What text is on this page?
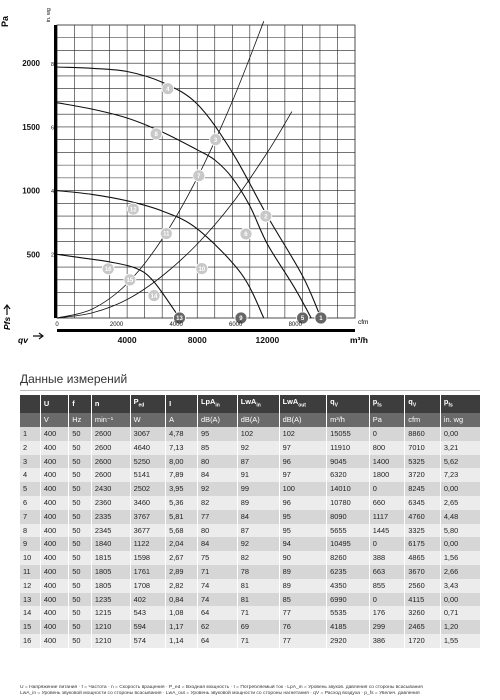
1
2
3
4
5
6
7
8
9
10
11
12
13
14
15
16
500
1000
1500
2000
2
4
6
8
0	2000	4000	6000	8000
4000	8000	12000
Pa	in. wg
cfm
m³/h
qv
Pfs
Данные измерений
	U	f	n	$P_{ed}$	I	LpA$_{in}$	LwA$_{in}$	LwA$_{out}$	$q_V$	$p_{fs}$	$q_V$	$p_{fs}$
	V	Hz	min⁻¹	W	A	dB(A)	dB(A)	dB(A)	m³/h	Pa	cfm	in. wg
1	400	50	2600	3067	4,78	95	102	102	15055	0	8860	0,00
2	400	50	2600	4640	7,13	85	92	97	11910	800	7010	3,21
3	400	50	2600	5250	8,00	80	87	96	9045	1400	5325	5,62
4	400	50	2600	5141	7,89	84	91	97	6320	1800	3720	7,23
5	400	50	2430	2502	3,95	92	99	100	14010	0	8245	0,00
6	400	50	2360	3460	5,36	82	89	96	10780	660	6345	2,65
7	400	50	2335	3767	5,81	77	84	95	8090	1117	4760	4,48
8	400	50	2345	3677	5,68	80	87	95	5655	1445	3325	5,80
9	400	50	1840	1122	2,04	84	92	94	10495	0	6175	0,00
10	400	50	1815	1598	2,67	75	82	90	8260	388	4865	1,56
11	400	50	1805	1761	2,89	71	78	89	6235	663	3670	2,66
12	400	50	1805	1708	2,82	74	81	89	4350	855	2560	3,43
13	400	50	1235	402	0,84	74	81	85	6990	0	4115	0,00
14	400	50	1215	543	1,08	64	71	77	5535	176	3260	0,71
15	400	50	1210	594	1,17	62	69	76	4185	299	2465	1,20
16	400	50	1210	574	1,14	64	71	77	2920	386	1720	1,55
U = Напряжение питания · f = Частота · n = Скорость вращения · P_ed = Входная мощность · I = Потребляемый ток · LpA_in = Уровень звуков. давления со стороны всасывания
LwA_in = Уровень звуковой мощности со стороны всасывания · LwA_out = Уровень звуковой мощности со стороны нагнетания · qV = Расход воздуха · p_fs = Увелич. давления
